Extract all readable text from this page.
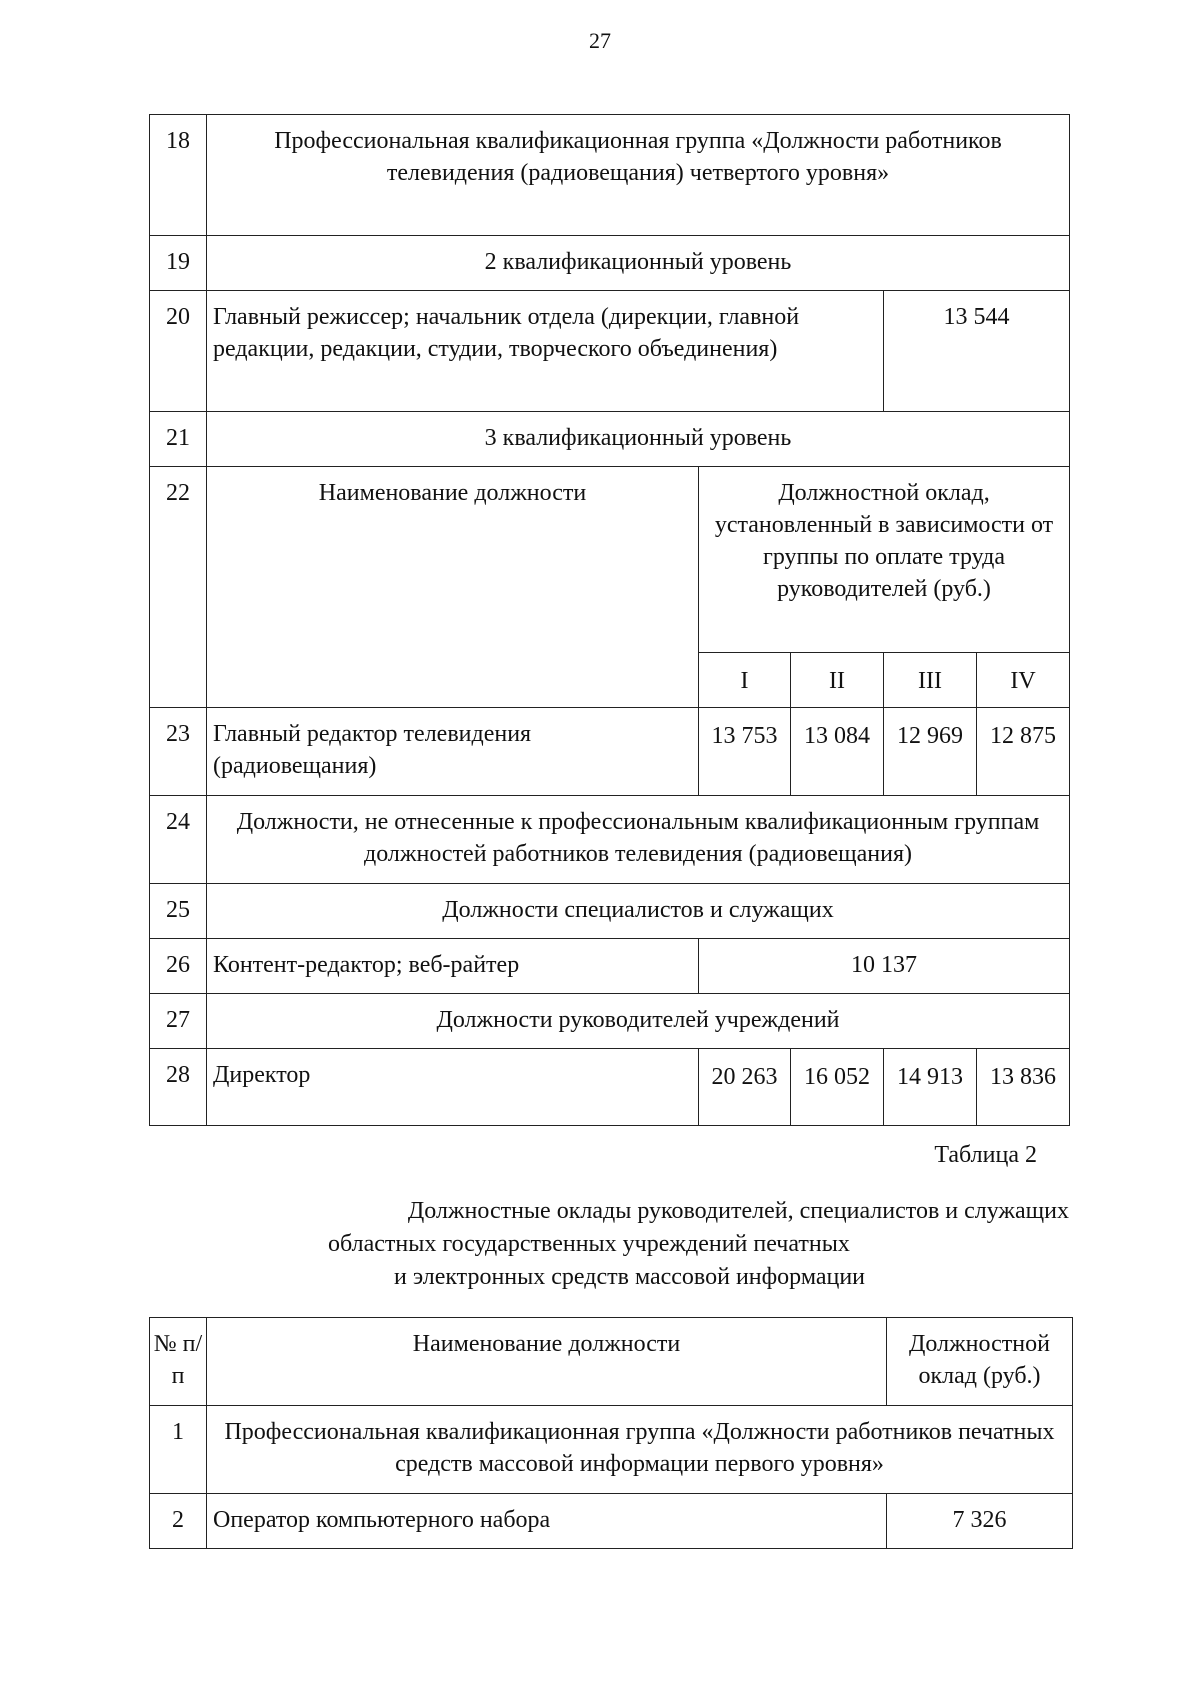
27
18	Профессиональная квалификационная группа «Должности работников телевидения (радиовещания) четвертого уровня»				
19	2 квалификационный уровень				
20	Главный режиссер; начальник отдела (дирекции, главной редакции, редакции, студии, творческого объединения)			13 544	
21	3 квалификационный уровень				
22	Наименование должности	Должностной оклад, установленный в зависимости от группы по оплате труда руководителей (руб.)			
		I	II	III	IV
23	Главный редактор телевидения (радиовещания)	13 753	13 084	12 969	12 875
24	Должности, не отнесенные к профессиональным квалификационным группам должностей работников телевидения (радиовещания)				
25	Должности специалистов и служащих				
26	Контент-редактор; веб-райтер	10 137			
27	Должности руководителей учреждений				
28	Директор	20 263	16 052	14 913	13 836
Таблица 2
Должностные оклады руководителей, специалистов и служащих
областных государственных учреждений печатных
и электронных средств массовой информации
№ п/п	Наименование должности	Должностной оклад (руб.)
1	Профессиональная квалификационная группа «Должности работников печатных средств массовой информации первого уровня»	
2	Оператор компьютерного набора	7 326
